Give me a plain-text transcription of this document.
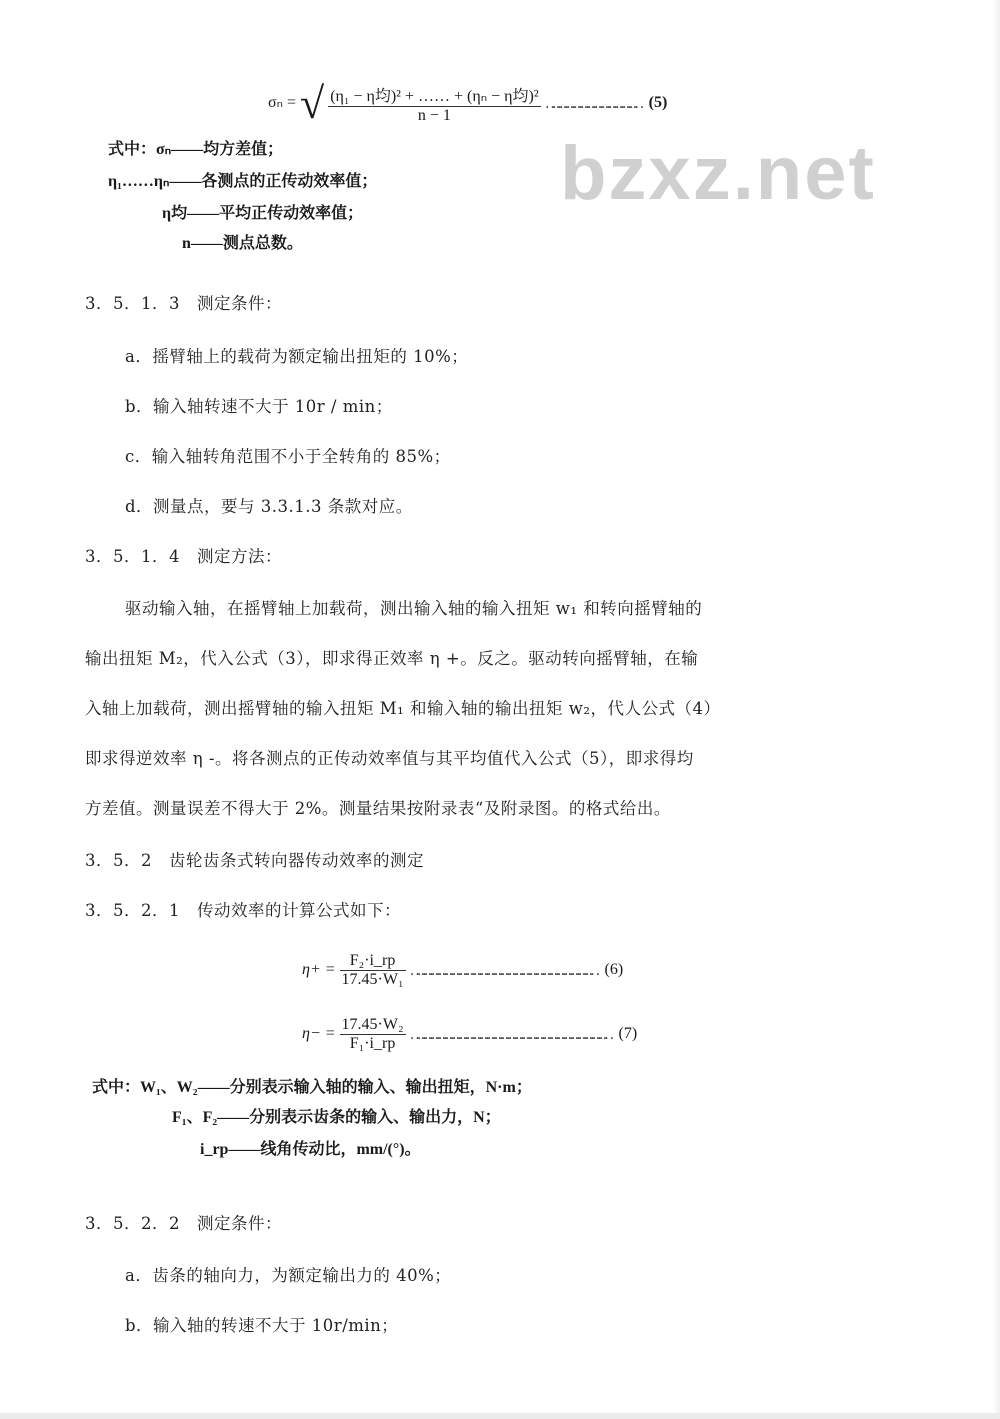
bzxz.net
σₙ = √ $\frac{\text{(η₁ − η均)² + …… + (ηₙ − η均)²}}{n - 1}$ ………………………………… (5)
式中：σₙ——均方差值；
η₁……ηₙ——各测点的正传动效率值；
η均——平均正传动效率值；
n——测点总数。
3．5．1．3　测定条件：
a．摇臂轴上的载荷为额定输出扭矩的 10%；
b．输入轴转速不大于 10r / min；
c．输入轴转角范围不小于全转角的 85%；
d．测量点，要与 3.3.1.3 条款对应。
3．5．1．4　测定方法：
驱动输入轴，在摇臂轴上加载荷，测出输入轴的输入扭矩 w₁ 和转向摇臂轴的
输出扭矩 M₂，代入公式（3），即求得正效率 η +。反之。驱动转向摇臂轴，在输
入轴上加载荷，测出摇臂轴的输入扭矩 M₁ 和输入轴的输出扭矩 w₂，代人公式（4）
即求得逆效率 η -。将各测点的正传动效率值与其平均值代入公式（5），即求得均
方差值。测量误差不得大于 2%。测量结果按附录表“及附录图。的格式给出。
3．5．2　齿轮齿条式转向器传动效率的测定
3．5．2．1　传动效率的计算公式如下：
$\eta+ = \frac{\text{F₂·i\_rp}}{\text{17.45·W₁}}$ …………………………………………………………………… (6)
$\eta- = \frac{\text{17.45·W₂}}{\text{F₁·i\_rp}}$ ………………………………………………………………………… (7)
式中：W₁、W₂——分别表示输入轴的输入、输出扭矩，N·m；
F₁、F₂——分别表示齿条的输入、输出力，N；
i_rp——线角传动比，mm/(°)。
3．5．2．2　测定条件：
a．齿条的轴向力，为额定输出力的 40%；
b．输入轴的转速不大于 10r/min；
